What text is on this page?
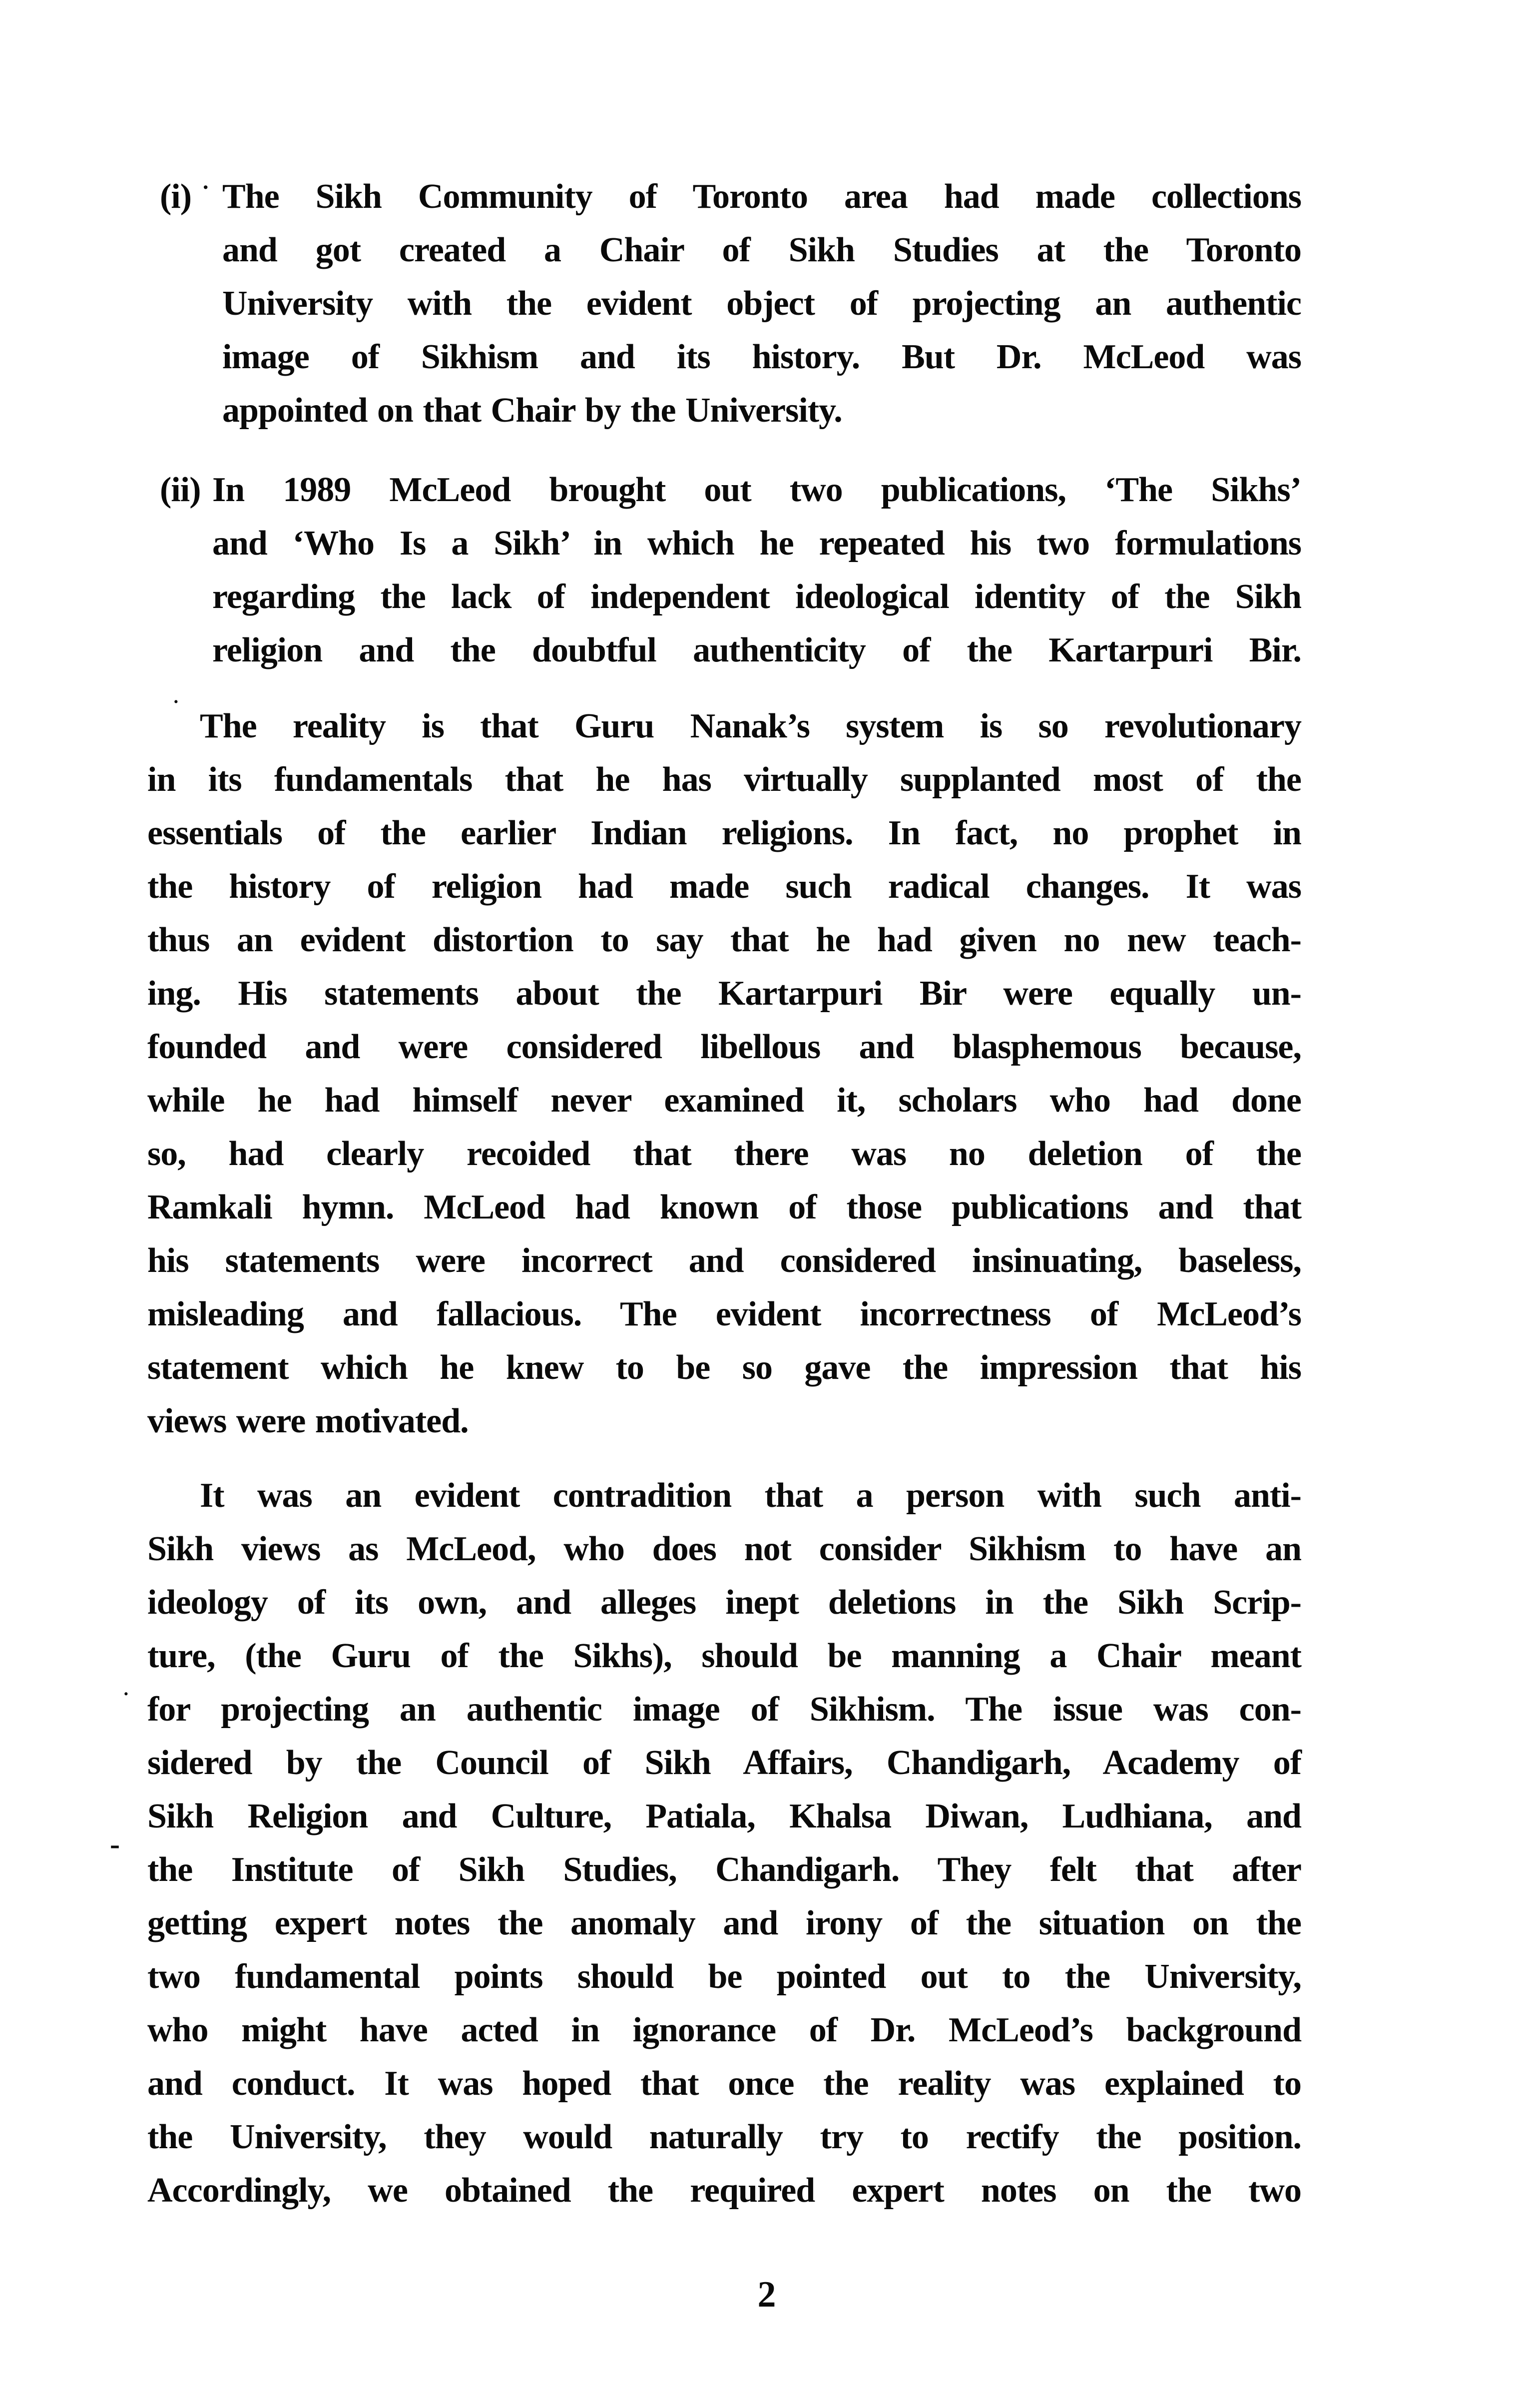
·
·
·
-
(i) The Sikh Community of Toronto area had made collections
and got created a Chair of Sikh Studies at the Toronto
University with the evident object of projecting an authentic
image of Sikhism and its history. But Dr. McLeod was
appointed on that Chair by the University.
(ii) In 1989 McLeod brought out two publications, ‘The Sikhs’
and ‘Who Is a Sikh’ in which he repeated his two formulations
regarding the lack of independent ideological identity of the Sikh
religion and the doubtful authenticity of the Kartarpuri Bir.
The reality is that Guru Nanak’s system is so revolutionary
in its fundamentals that he has virtually supplanted most of the
essentials of the earlier Indian religions. In fact, no prophet in
the history of religion had made such radical changes. It was
thus an evident distortion to say that he had given no new teach-
ing. His statements about the Kartarpuri Bir were equally un-
founded and were considered libellous and blasphemous because,
while he had himself never examined it, scholars who had done
so, had clearly recoided that there was no deletion of the
Ramkali hymn. McLeod had known of those publications and that
his statements were incorrect and considered insinuating, baseless,
misleading and fallacious. The evident incorrectness of McLeod’s
statement which he knew to be so gave the impression that his
views were motivated.
It was an evident contradition that a person with such anti-
Sikh views as McLeod, who does not consider Sikhism to have an
ideology of its own, and alleges inept deletions in the Sikh Scrip-
ture, (the Guru of the Sikhs), should be manning a Chair meant
for projecting an authentic image of Sikhism. The issue was con-
sidered by the Council of Sikh Affairs, Chandigarh, Academy of
Sikh Religion and Culture, Patiala, Khalsa Diwan, Ludhiana, and
the Institute of Sikh Studies, Chandigarh. They felt that after
getting expert notes the anomaly and irony of the situation on the
two fundamental points should be pointed out to the University,
who might have acted in ignorance of Dr. McLeod’s background
and conduct. It was hoped that once the reality was explained to
the University, they would naturally try to rectify the position.
Accordingly, we obtained the required expert notes on the two
2
